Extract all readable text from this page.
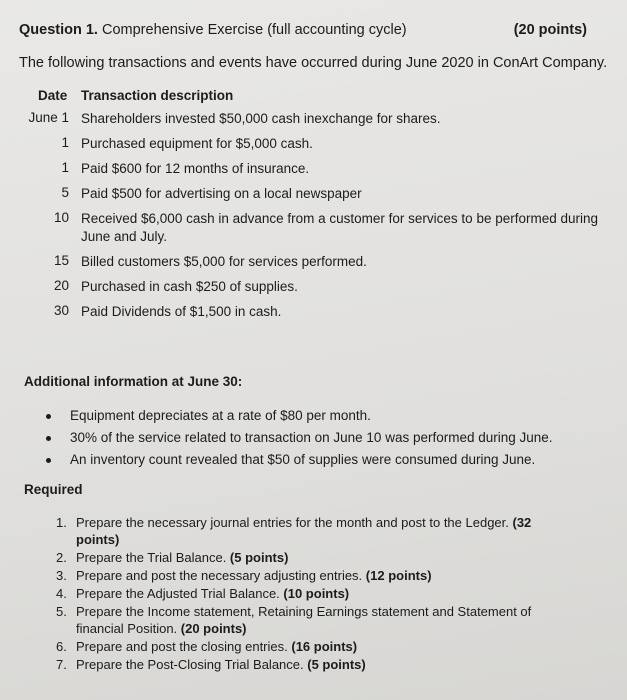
Question 1. Comprehensive Exercise (full accounting cycle)	(20 points)
The following transactions and events have occurred during June 2020 in ConArt Company.
Date Transaction description
June 1 Shareholders invested $50,000 cash inexchange for shares.
1 Purchased equipment for $5,000 cash.
1 Paid $600 for 12 months of insurance.
5 Paid $500 for advertising on a local newspaper
10 Received $6,000 cash in advance from a customer for services to be performed during June and July.
15 Billed customers $5,000 for services performed.
20 Purchased in cash $250 of supplies.
30 Paid Dividends of $1,500 in cash.
Additional information at June 30:
Equipment depreciates at a rate of $80 per month.
30% of the service related to transaction on June 10 was performed during June.
An inventory count revealed that $50 of supplies were consumed during June.
Required
1. Prepare the necessary journal entries for the month and post to the Ledger. (32 points)
2. Prepare the Trial Balance. (5 points)
3. Prepare and post the necessary adjusting entries. (12 points)
4. Prepare the Adjusted Trial Balance. (10 points)
5. Prepare the Income statement, Retaining Earnings statement and Statement of financial Position. (20 points)
6. Prepare and post the closing entries. (16 points)
7. Prepare the Post-Closing Trial Balance. (5 points)
